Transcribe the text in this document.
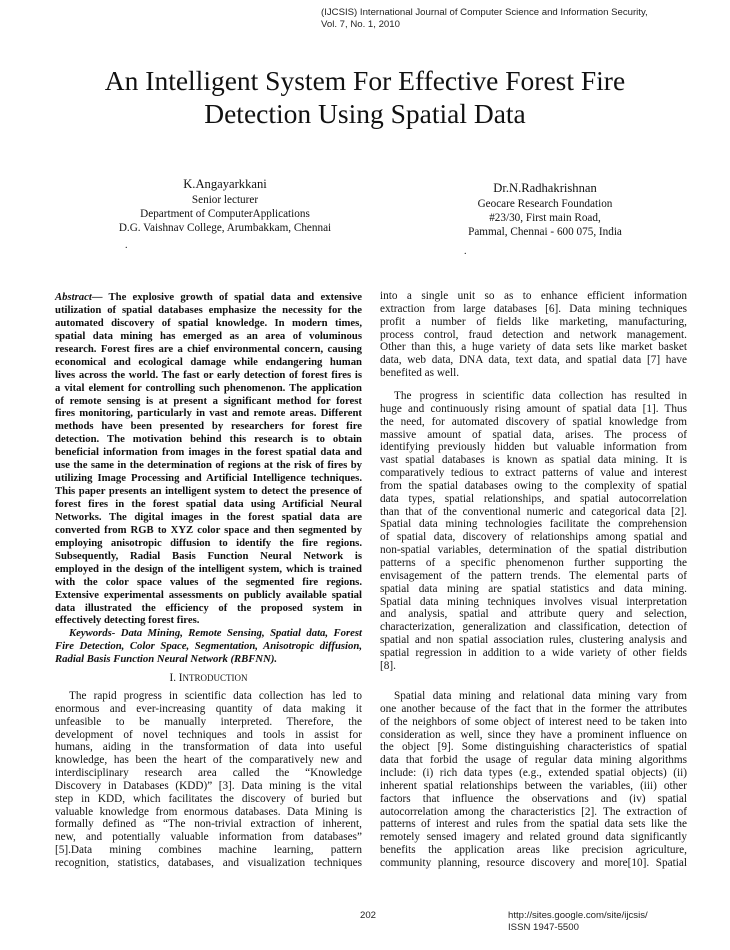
(IJCSIS) International Journal of Computer Science and Information Security,
Vol. 7, No. 1, 2010
An Intelligent System For Effective Forest Fire
Detection Using Spatial Data
K.Angayarkkani
Senior lecturer
Department of ComputerApplications
D.G. Vaishnav College, Arumbakkam, Chennai
.
Dr.N.Radhakrishnan
Geocare Research Foundation
#23/30, First main Road,
Pammal, Chennai - 600 075, India
.
Abstract— The explosive growth of spatial data and extensive
utilization of spatial databases emphasize the necessity for the
automated discovery of spatial knowledge. In modern times,
spatial data mining has emerged as an area of voluminous
research. Forest fires are a chief environmental concern, causing
economical and ecological damage while endangering human
lives across the world. The fast or early detection of forest fires is
a vital element for controlling such phenomenon. The application
of remote sensing is at present a significant method for forest
fires monitoring, particularly in vast and remote areas. Different
methods have been presented by researchers for forest fire
detection. The motivation behind this research is to obtain
beneficial information from images in the forest spatial data and
use the same in the determination of regions at the risk of fires by
utilizing Image Processing and Artificial Intelligence techniques.
This paper presents an intelligent system to detect the presence of
forest fires in the forest spatial data using Artificial Neural
Networks. The digital images in the forest spatial data are
converted from RGB to XYZ color space and then segmented by
employing anisotropic diffusion to identify the fire regions.
Subsequently, Radial Basis Function Neural Network is
employed in the design of the intelligent system, which is trained
with the color space values of the segmented fire regions.
Extensive experimental assessments on publicly available spatial
data illustrated the efficiency of the proposed system in
effectively detecting forest fires.
Keywords- Data Mining, Remote Sensing, Spatial data, Forest
Fire Detection, Color Space, Segmentation, Anisotropic diffusion,
Radial Basis Function Neural Network (RBFNN).
I. INTRODUCTION
The rapid progress in scientific data collection has led to
enormous and ever-increasing quantity of data making it
unfeasible to be manually interpreted. Therefore, the
development of novel techniques and tools in assist for
humans, aiding in the transformation of data into useful
knowledge, has been the heart of the comparatively new and
interdisciplinary research area called the “Knowledge
Discovery in Databases (KDD)” [3]. Data mining is the vital
step in KDD, which facilitates the discovery of buried but
valuable knowledge from enormous databases. Data Mining is
formally defined as “The non-trivial extraction of inherent,
new, and potentially valuable information from databases”
[5].Data mining combines machine learning, pattern
recognition, statistics, databases, and visualization techniques
into a single unit so as to enhance efficient information
extraction from large databases [6]. Data mining techniques
profit a number of fields like marketing, manufacturing,
process control, fraud detection and network management.
Other than this, a huge variety of data sets like market basket
data, web data, DNA data, text data, and spatial data [7] have
benefited as well.
The progress in scientific data collection has resulted in
huge and continuously rising amount of spatial data [1]. Thus
the need, for automated discovery of spatial knowledge from
massive amount of spatial data, arises. The process of
identifying previously hidden but valuable information from
vast spatial databases is known as spatial data mining. It is
comparatively tedious to extract patterns of value and interest
from the spatial databases owing to the complexity of spatial
data types, spatial relationships, and spatial autocorrelation
than that of the conventional numeric and categorical data [2].
Spatial data mining technologies facilitate the comprehension
of spatial data, discovery of relationships among spatial and
non-spatial variables, determination of the spatial distribution
patterns of a specific phenomenon further supporting the
envisagement of the pattern trends. The elemental parts of
spatial data mining are spatial statistics and data mining.
Spatial data mining techniques involves visual interpretation
and analysis, spatial and attribute query and selection,
characterization, generalization and classification, detection of
spatial and non spatial association rules, clustering analysis and
spatial regression in addition to a wide variety of other fields
[8].
Spatial data mining and relational data mining vary from
one another because of the fact that in the former the attributes
of the neighbors of some object of interest need to be taken into
consideration as well, since they have a prominent influence on
the object [9]. Some distinguishing characteristics of spatial
data that forbid the usage of regular data mining algorithms
include: (i) rich data types (e.g., extended spatial objects) (ii)
inherent spatial relationships between the variables, (iii) other
factors that influence the observations and (iv) spatial
autocorrelation among the characteristics [2]. The extraction of
patterns of interest and rules from the spatial data sets like the
remotely sensed imagery and related ground data significantly
benefits the application areas like precision agriculture,
community planning, resource discovery and more[10]. Spatial
202	http://sites.google.com/site/ijcsis/
ISSN 1947-5500
